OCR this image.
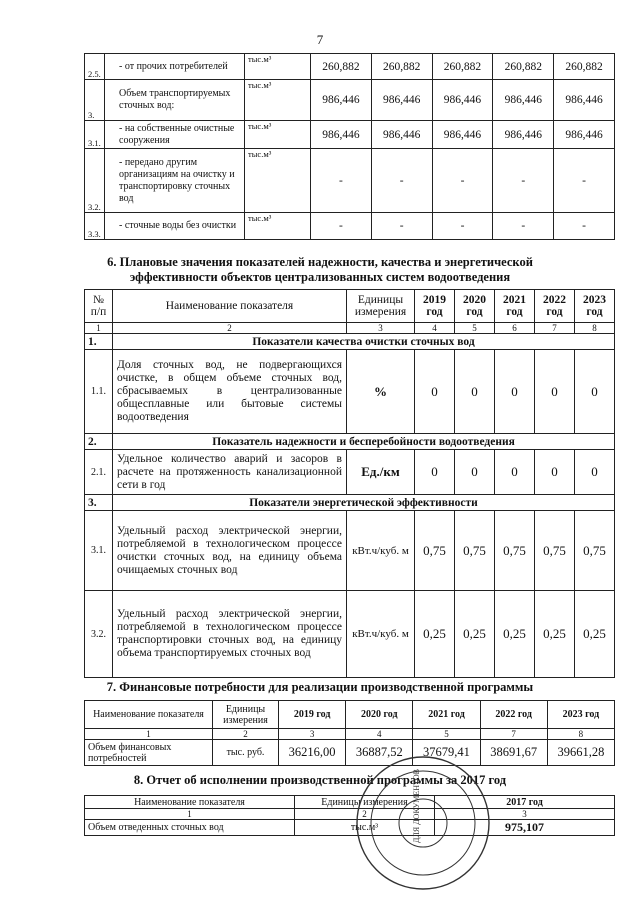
7
2.5.	- от прочих потребителей	тыс.м³	260,882	260,882	260,882	260,882	260,882
3.	Объем транспортируемых сточных вод:	тыс.м³	986,446	986,446	986,446	986,446	986,446
3.1.	- на собственные очистные сооружения	тыс.м³	986,446	986,446	986,446	986,446	986,446
3.2.	- передано другим организациям на очистку и транспортировку сточных вод	тыс.м³	-	-	-	-	-
3.3.	- сточные воды без очистки	тыс.м³	-	-	-	-	-
6. Плановые значения показателей надежности, качества и энергетической
эффективности объектов централизованных систем водоотведения
№ п/п	Наименование показателя	Единицы измерения	2019 год	2020 год	2021 год	2022 год	2023 год
1	2	3	4	5	6	7	8
1.	Показатели качества очистки сточных вод						
1.1.	Доля сточных вод, не подвергающихся очистке, в общем объеме сточных вод, сбрасываемых в централизованные общесплавные или бытовые системы водоотведения	%	0	0	0	0	0
2.	Показатель надежности и бесперебойности водоотведения						
2.1.	Удельное количество аварий и засоров в расчете на протяженность канализационной сети в год	Ед./км	0	0	0	0	0
3.	Показатели энергетической эффективности						
3.1.	Удельный расход электрической энергии, потребляемой в технологическом процессе очистки сточных вод, на единицу объема очищаемых сточных вод	кВт.ч/куб. м	0,75	0,75	0,75	0,75	0,75
3.2.	Удельный расход электрической энергии, потребляемой в технологическом процессе транспортировки сточных вод, на единицу объема транспортируемых сточных вод	кВт.ч/куб. м	0,25	0,25	0,25	0,25	0,25
7. Финансовые потребности для реализации производственной программы
Наименование показателя	Единицы измерения	2019 год	2020 год	2021 год	2022 год	2023 год
1	2	3	4	5	7	8
Объем финансовых потребностей	тыс. руб.	36216,00	36887,52	37679,41	38691,67	39661,28
8. Отчет об исполнении производственной программы за 2017 год
Наименование показателя	Единицы измерения	2017 год
1	2	3
Объем отведенных сточных вод	тыс.м³	975,107
ДЛЯ ДОКУМЕНТОВ
